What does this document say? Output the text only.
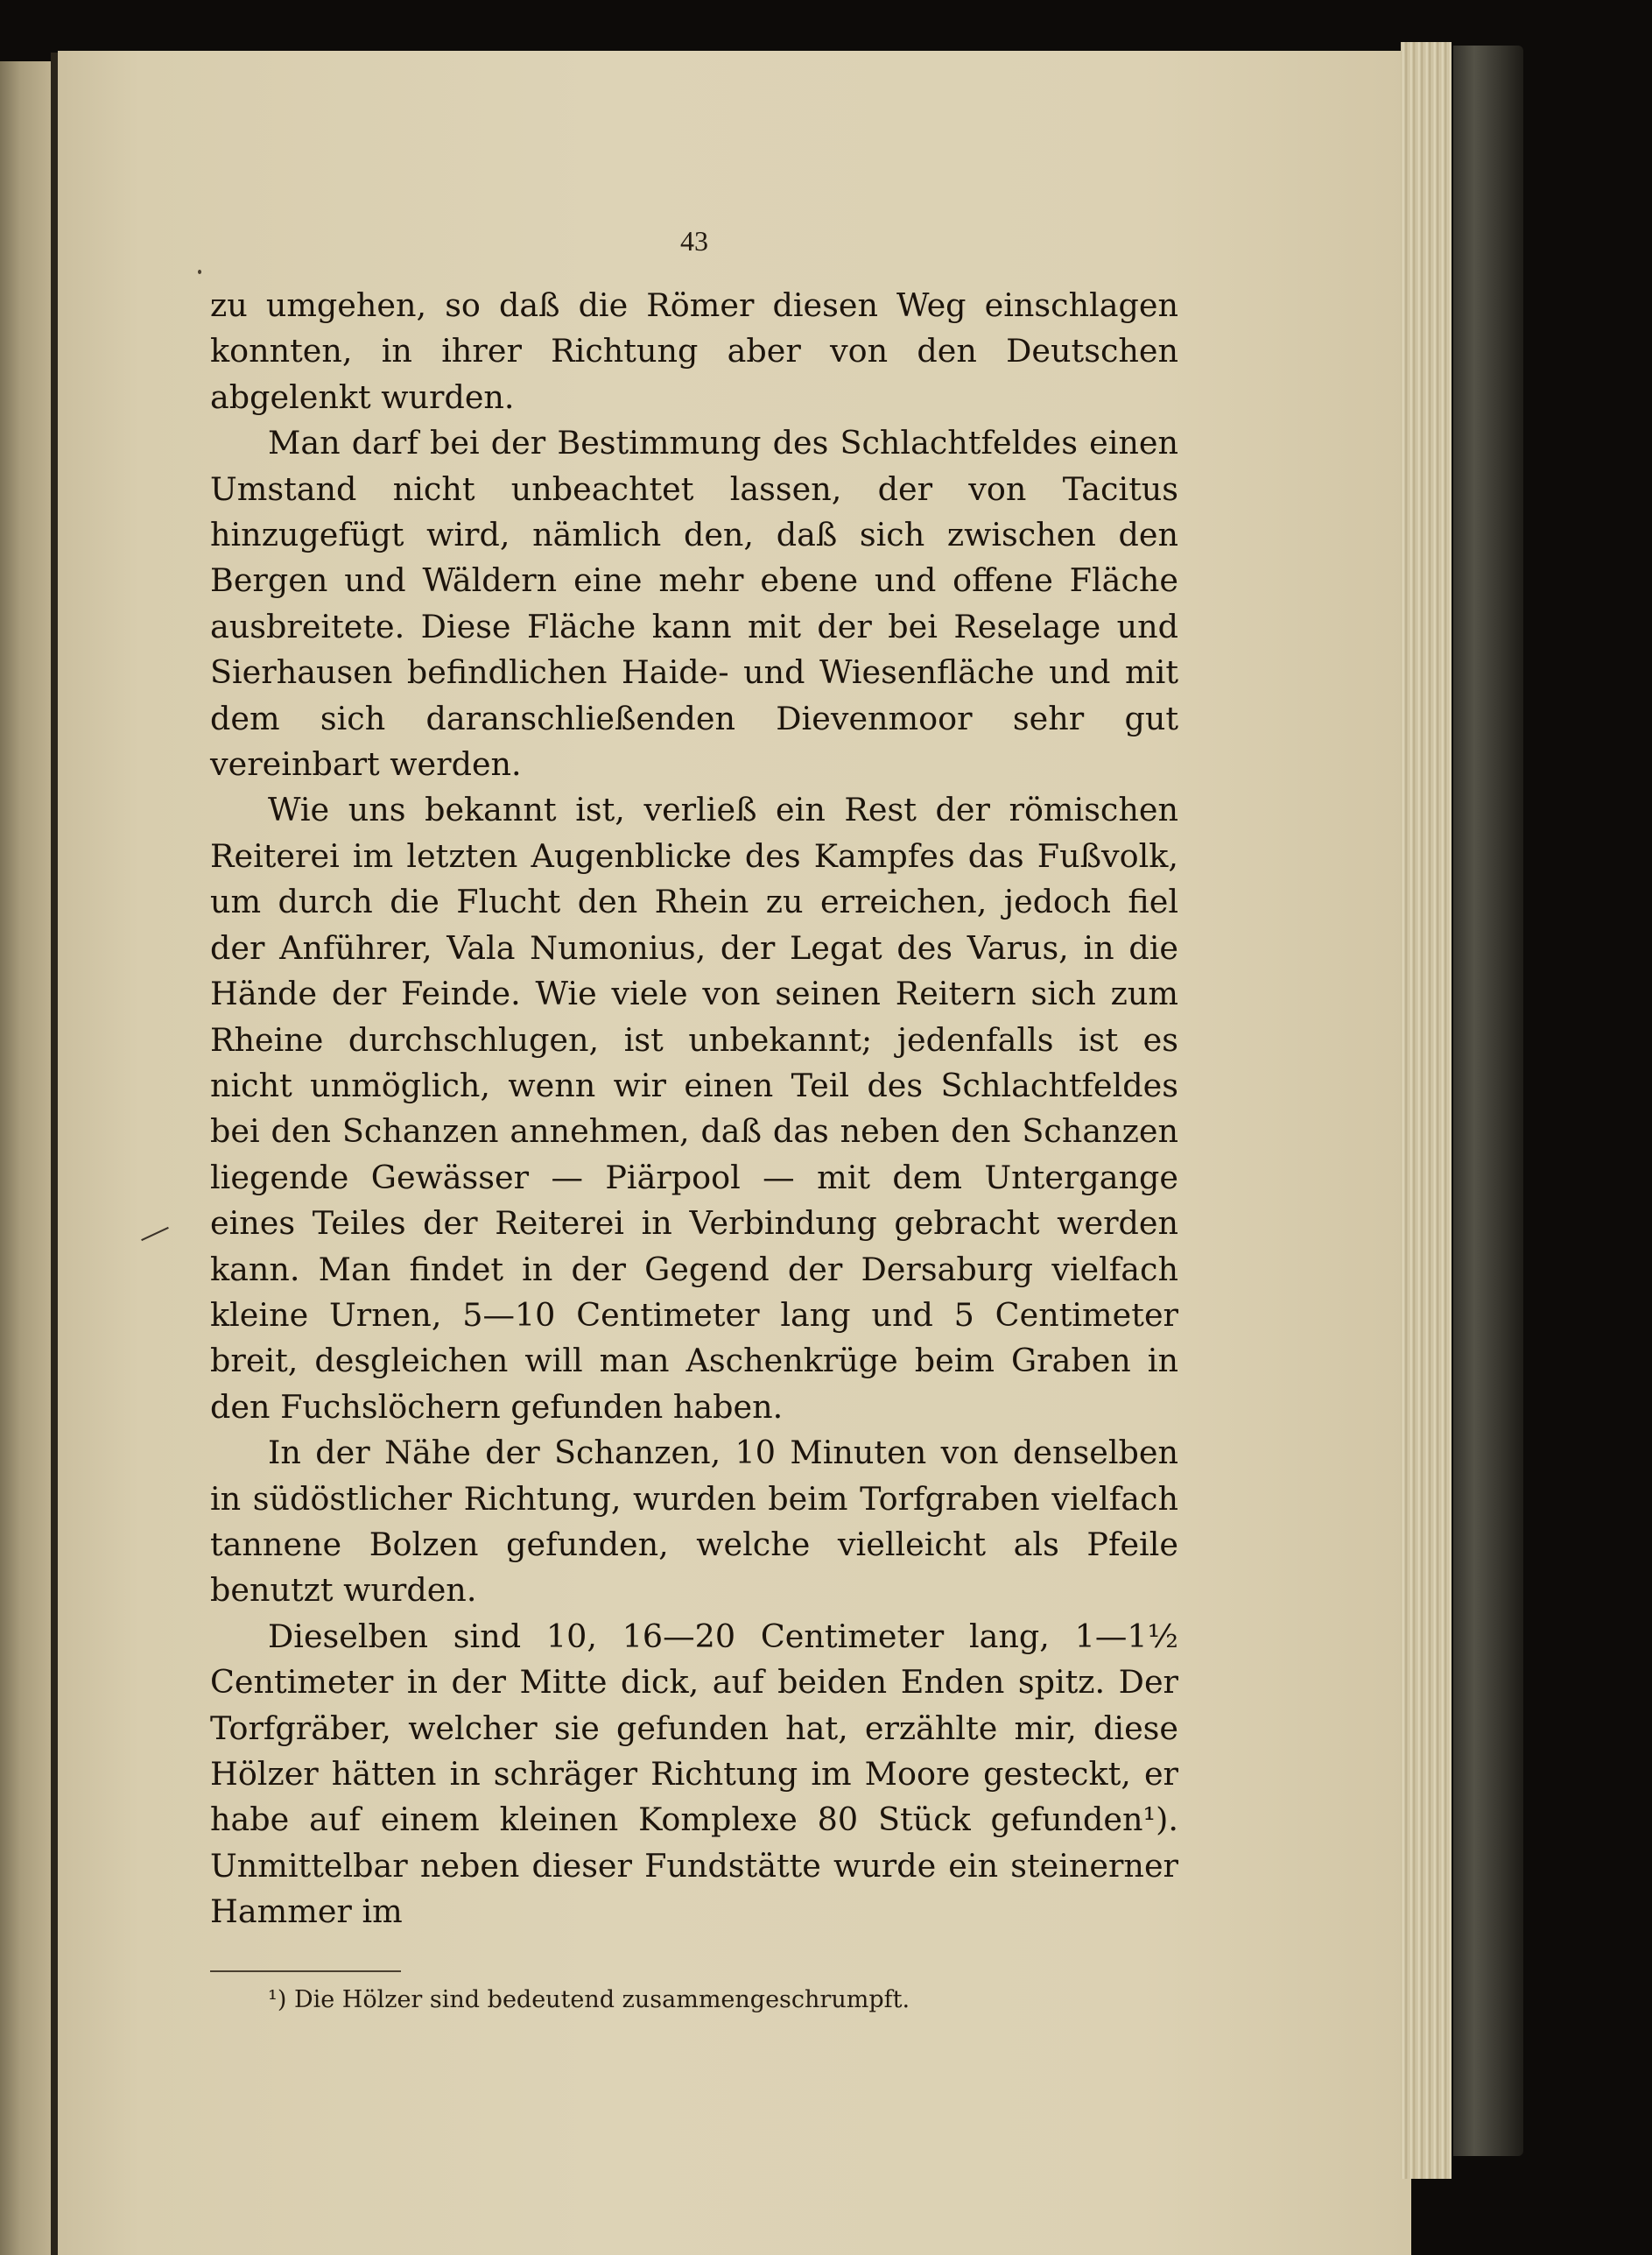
43

zu umgehen, so daß die Römer diesen Weg einschlagen konnten, in ihrer Richtung aber von den Deutschen abgelenkt wurden.

Man darf bei der Bestimmung des Schlachtfeldes einen Umstand nicht unbeachtet lassen, der von Tacitus hinzugefügt wird, nämlich den, daß sich zwischen den Bergen und Wäldern eine mehr ebene und offene Fläche ausbreitete. Diese Fläche kann mit der bei Reselage und Sierhausen befindlichen Haide- und Wiesenfläche und mit dem sich daranschließenden Dievenmoor sehr gut vereinbart werden.

Wie uns bekannt ist, verließ ein Rest der römischen Reiterei im letzten Augenblicke des Kampfes das Fußvolk, um durch die Flucht den Rhein zu erreichen, jedoch fiel der Anführer, Vala Numonius, der Legat des Varus, in die Hände der Feinde. Wie viele von seinen Reitern sich zum Rheine durchschlugen, ist unbekannt; jedenfalls ist es nicht unmöglich, wenn wir einen Teil des Schlachtfeldes bei den Schanzen annehmen, daß das neben den Schanzen liegende Gewässer — Piärpool — mit dem Untergange eines Teiles der Reiterei in Verbindung gebracht werden kann. Man findet in der Gegend der Dersaburg vielfach kleine Urnen, 5—10 Centimeter lang und 5 Centimeter breit, desgleichen will man Aschenkrüge beim Graben in den Fuchslöchern gefunden haben.

In der Nähe der Schanzen, 10 Minuten von denselben in südöstlicher Richtung, wurden beim Torfgraben vielfach tannene Bolzen gefunden, welche vielleicht als Pfeile benutzt wurden.

Dieselben sind 10, 16—20 Centimeter lang, 1—1½ Centimeter in der Mitte dick, auf beiden Enden spitz. Der Torfgräber, welcher sie gefunden hat, erzählte mir, diese Hölzer hätten in schräger Richtung im Moore gesteckt, er habe auf einem kleinen Komplexe 80 Stück gefunden¹). Unmittelbar neben dieser Fundstätte wurde ein steinerner Hammer im

¹) Die Hölzer sind bedeutend zusammengeschrumpft.
